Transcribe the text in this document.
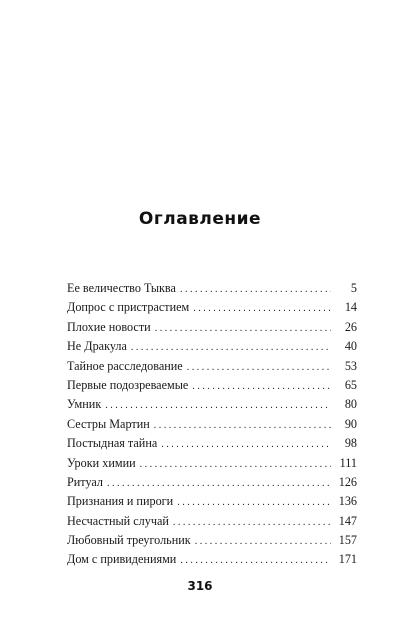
Оглавление
Ее величество Тыква . . .	5
Допрос с пристрастием . . .	14
Плохие новости . . .	26
Не Дракула . . .	40
Тайное расследование . . .	53
Первые подозреваемые . . .	65
Умник . . .	80
Сестры Мартин . . .	90
Постыдная тайна . . .	98
Уроки химии . . .	111
Ритуал . . .	126
Признания и пироги . . .	136
Несчастный случай . . .	147
Любовный треугольник . . .	157
Дом с привидениями . . .	171
316
